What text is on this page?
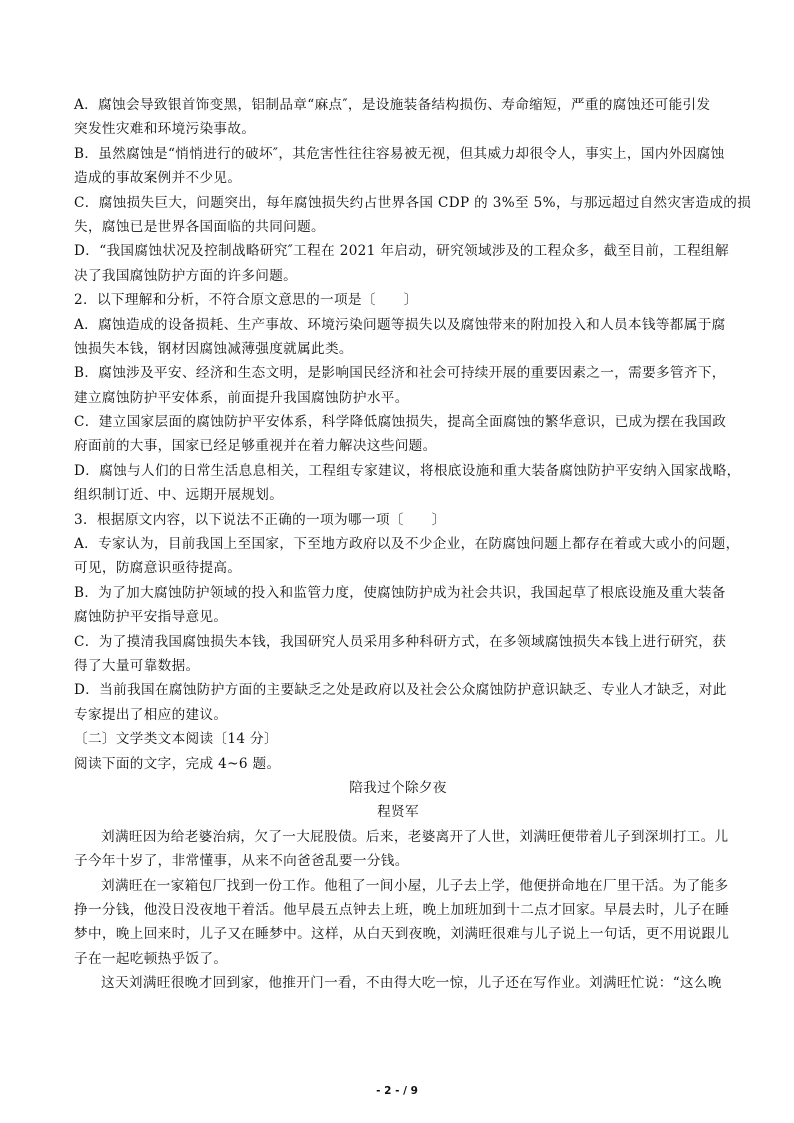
A．腐蚀会导致银首饰变黑，铝制品章“麻点″，是设施装备结构损伤、寿命缩短，严重的腐蚀还可能引发
突发性灾难和环境污染事故。
B．虽然腐蚀是“悄悄进行的破坏″，其危害性往往容易被无视，但其威力却很令人，事实上，国内外因腐蚀
造成的事故案例并不少见。
C．腐蚀损失巨大，问题突出，每年腐蚀损失约占世界各国 CDP 的 3%至 5%，与那远超过自然灾害造成的损
失，腐蚀已是世界各国面临的共同问题。
D．“我国腐蚀状况及控制战略研究″工程在 2021 年启动，研究领域涉及的工程众多，截至目前，工程组解
决了我国腐蚀防护方面的许多问题。
2．以下理解和分析，不符合原文意思的一项是〔　　〕
A．腐蚀造成的设备损耗、生产事故、环境污染问题等损失以及腐蚀带来的附加投入和人员本钱等都属于腐
蚀损失本钱，钢材因腐蚀减薄强度就属此类。
B．腐蚀涉及平安、经济和生态文明，是影响国民经济和社会可持续开展的重要因素之一，需要多管齐下，
建立腐蚀防护平安体系，前面提升我国腐蚀防护水平。
C．建立国家层面的腐蚀防护平安体系，科学降低腐蚀损失，提高全面腐蚀的繁华意识，已成为摆在我国政
府面前的大事，国家已经足够重视并在着力解决这些问题。
D．腐蚀与人们的日常生活息息相关，工程组专家建议，将根底设施和重大装备腐蚀防护平安纳入国家战略，
组织制订近、中、远期开展规划。
3．根据原文内容，以下说法不正确的一项为哪一项〔　　〕
A．专家认为，目前我国上至国家，下至地方政府以及不少企业，在防腐蚀问题上都存在着或大或小的问题，
可见，防腐意识亟待提高。
B．为了加大腐蚀防护领域的投入和监管力度，使腐蚀防护成为社会共识，我国起草了根底设施及重大装备
腐蚀防护平安指导意见。
C．为了摸清我国腐蚀损失本钱，我国研究人员采用多种科研方式，在多领域腐蚀损失本钱上进行研究，获
得了大量可靠数据。
D．当前我国在腐蚀防护方面的主要缺乏之处是政府以及社会公众腐蚀防护意识缺乏、专业人才缺乏，对此
专家提出了相应的建议。
〔二〕文学类文本阅读〔14 分〕
阅读下面的文字，完成 4~6 题。
陪我过个除夕夜
程贤军
刘满旺因为给老婆治病，欠了一大屁股债。后来，老婆离开了人世，刘满旺便带着儿子到深圳打工。儿
子今年十岁了，非常懂事，从来不向爸爸乱要一分钱。
刘满旺在一家箱包厂找到一份工作。他租了一间小屋，儿子去上学，他便拼命地在厂里干活。为了能多
挣一分钱，他没日没夜地干着活。他早晨五点钟去上班，晚上加班加到十二点才回家。早晨去时，儿子在睡
梦中，晚上回来时，儿子又在睡梦中。这样，从白天到夜晚，刘满旺很难与儿子说上一句话，更不用说跟儿
子在一起吃顿热乎饭了。
这天刘满旺很晚才回到家，他推开门一看，不由得大吃一惊，儿子还在写作业。刘满旺忙说：“这么晚
- 2 - / 9
